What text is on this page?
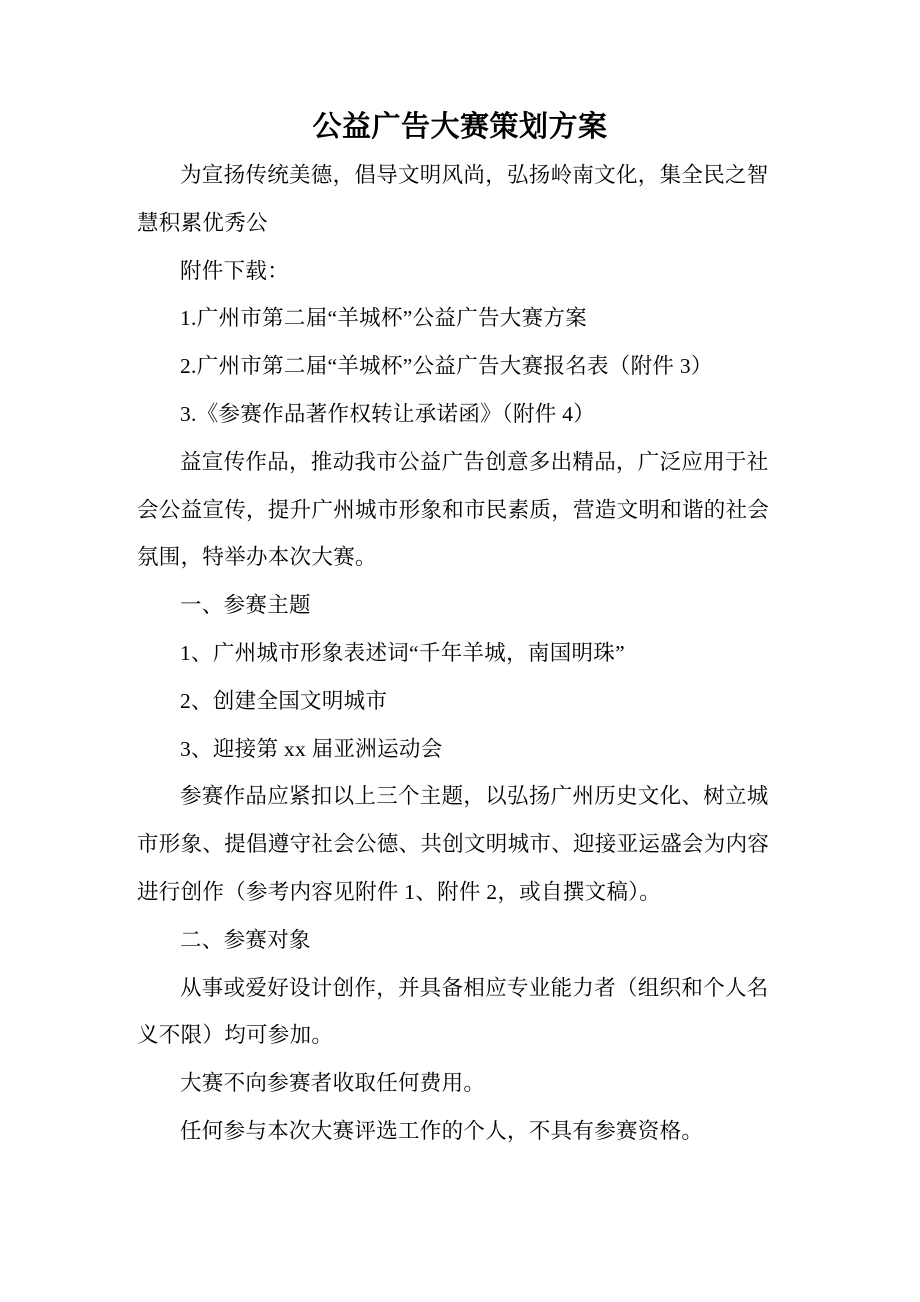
公益广告大赛策划方案
为宣扬传统美德，倡导文明风尚，弘扬岭南文化，集全民之智
慧积累优秀公
附件下载：
1.广州市第二届“羊城杯”公益广告大赛方案
2.广州市第二届“羊城杯”公益广告大赛报名表（附件 3）
3.《参赛作品著作权转让承诺函》（附件 4）
益宣传作品，推动我市公益广告创意多出精品，广泛应用于社
会公益宣传，提升广州城市形象和市民素质，营造文明和谐的社会
氛围，特举办本次大赛。
一、参赛主题
1、广州城市形象表述词“千年羊城，南国明珠”
2、创建全国文明城市
3、迎接第 xx 届亚洲运动会
参赛作品应紧扣以上三个主题，以弘扬广州历史文化、树立城
市形象、提倡遵守社会公德、共创文明城市、迎接亚运盛会为内容
进行创作（参考内容见附件 1、附件 2，或自撰文稿）。
二、参赛对象
从事或爱好设计创作，并具备相应专业能力者（组织和个人名
义不限）均可参加。
大赛不向参赛者收取任何费用。
任何参与本次大赛评选工作的个人，不具有参赛资格。
